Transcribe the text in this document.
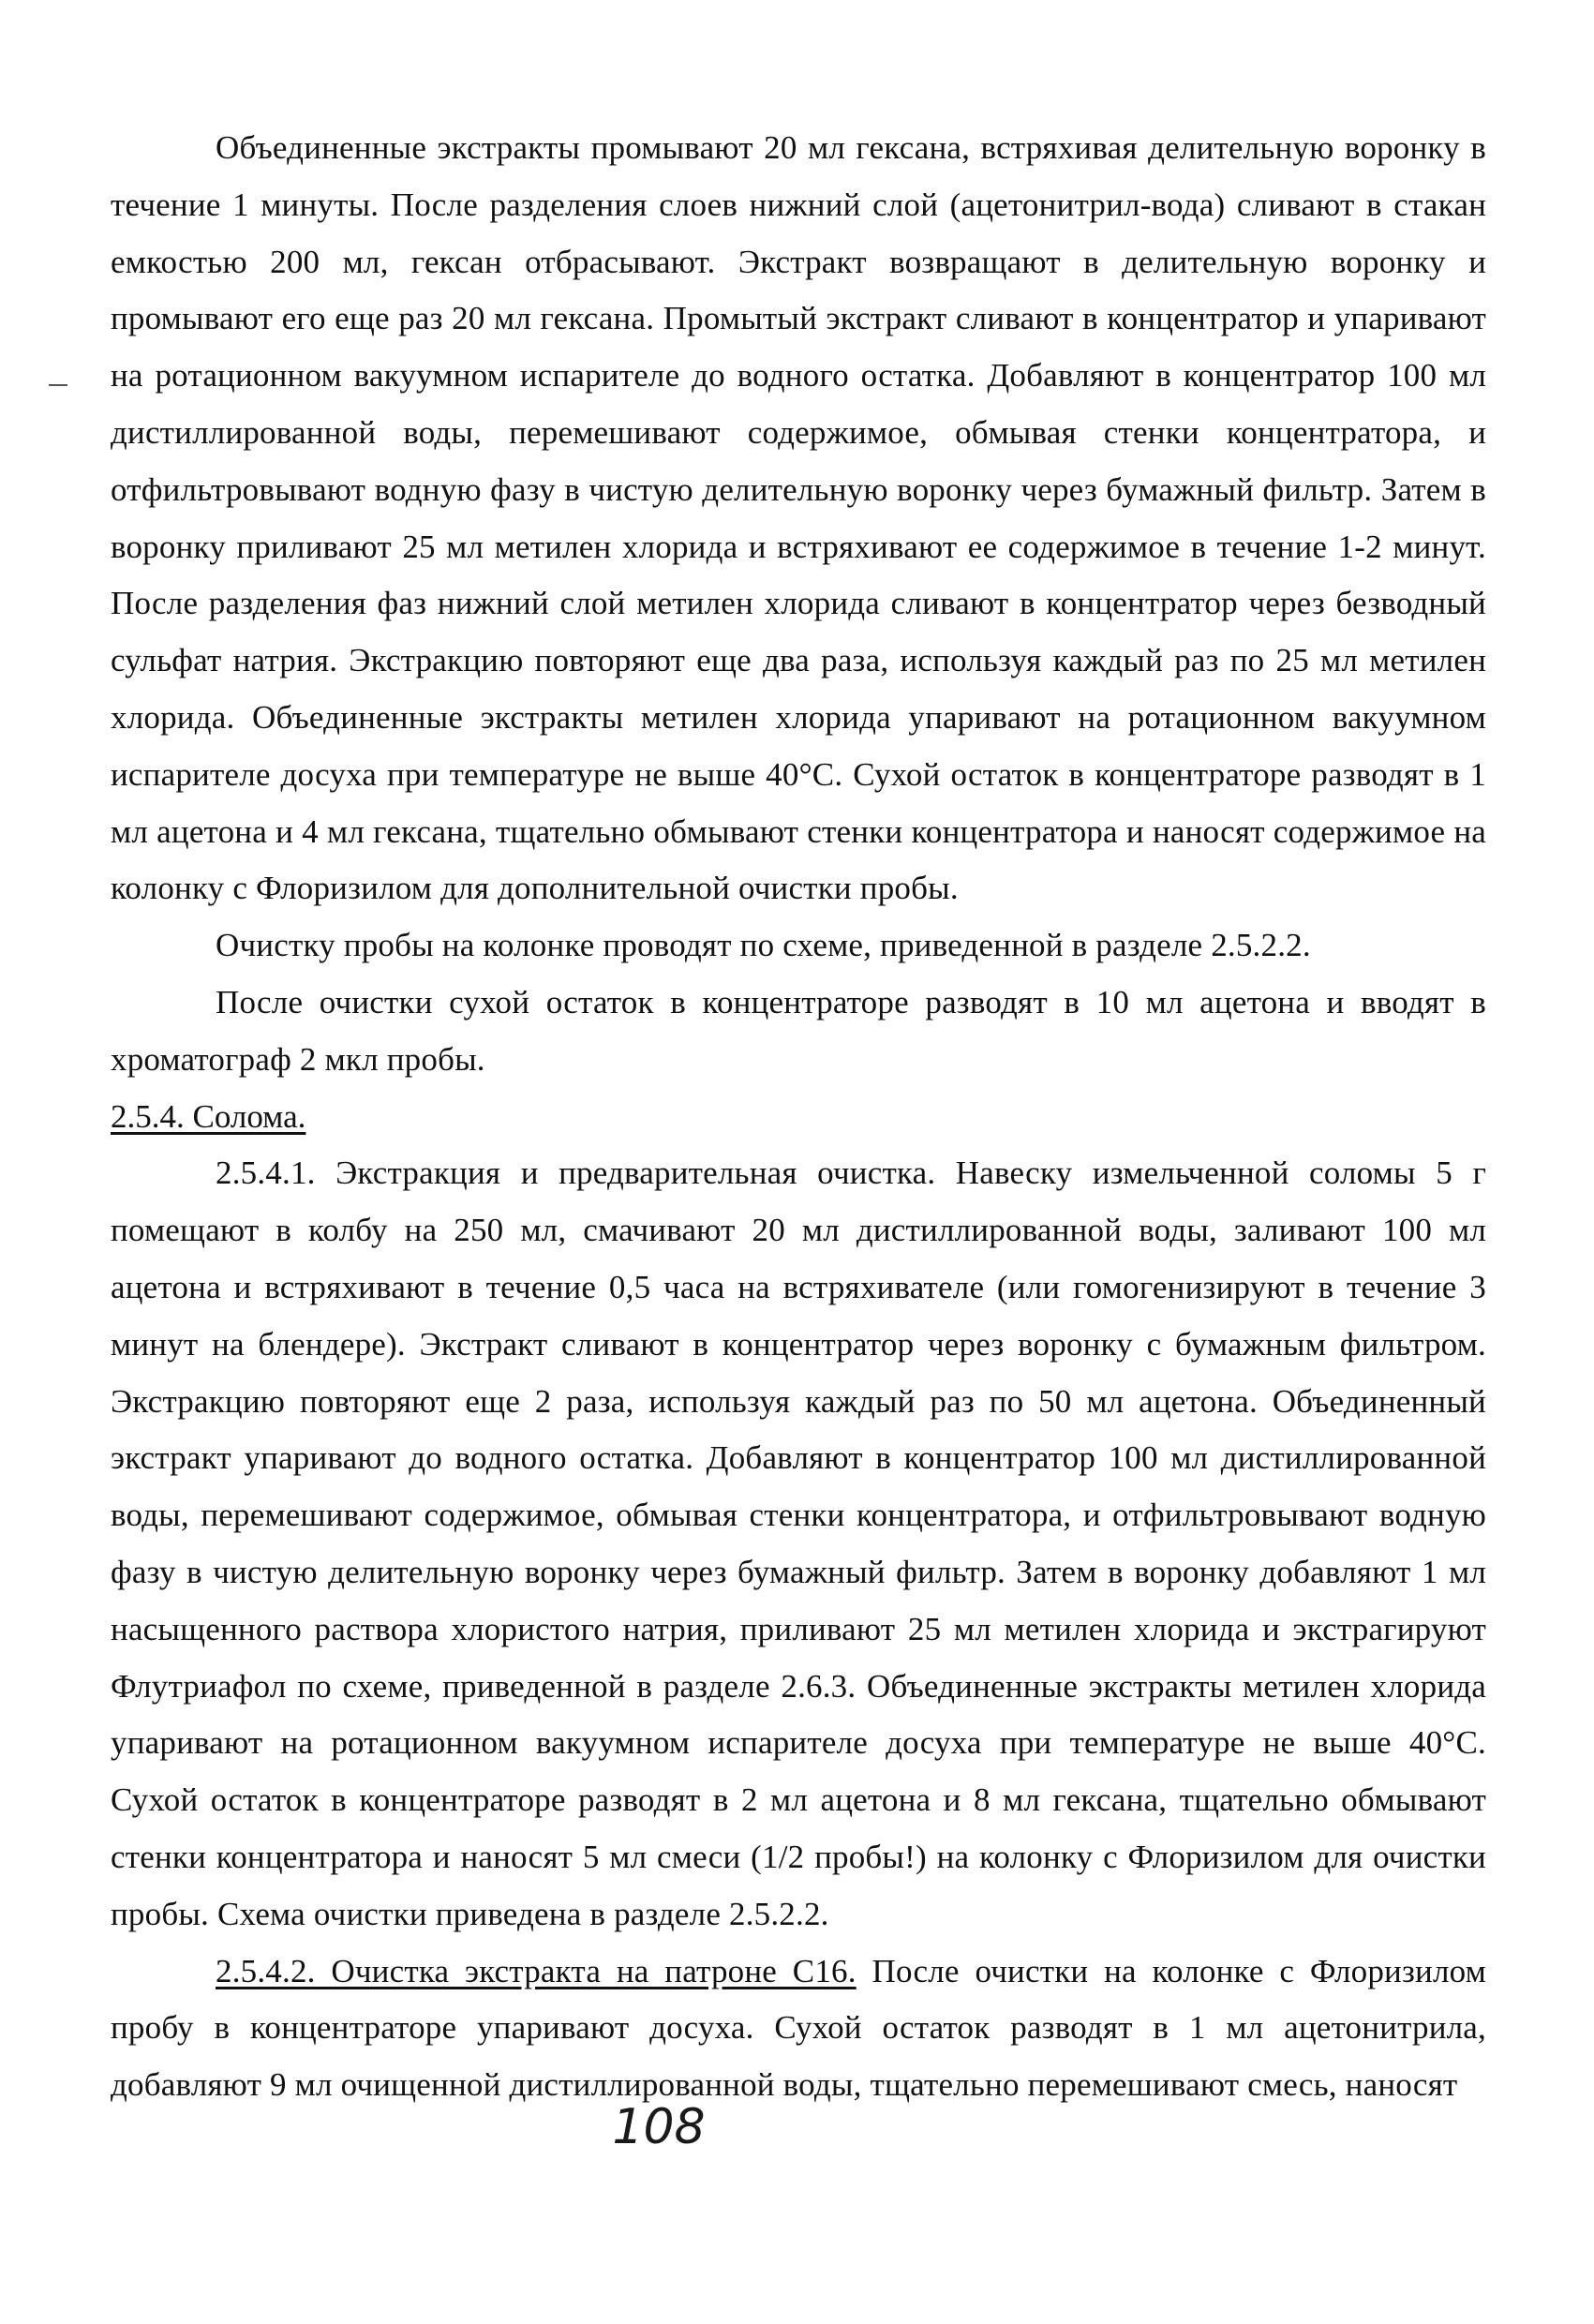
Объединенные экстракты промывают 20 мл гексана, встряхивая делительную воронку в течение 1 минуты. После разделения слоев нижний слой (ацетонитрил-вода) сливают в стакан емкостью 200 мл, гексан отбрасывают. Экстракт возвращают в делительную воронку и промывают его еще раз 20 мл гексана. Промытый экстракт сливают в концентратор и упаривают на ротационном вакуумном испарителе до водного остатка. Добавляют в концентратор 100 мл дистиллированной воды, перемешивают содержимое, обмывая стенки концентратора, и отфильтровывают водную фазу в чистую делительную воронку через бумажный фильтр. Затем в воронку приливают 25 мл метилен хлорида и встряхивают ее содержимое в течение 1-2 минут. После разделения фаз нижний слой метилен хлорида сливают в концентратор через безводный сульфат натрия. Экстракцию повторяют еще два раза, используя каждый раз по 25 мл метилен хлорида. Объединенные экстракты метилен хлорида упаривают на ротационном вакуумном испарителе досуха при температуре не выше 40°С. Сухой остаток в концентраторе разводят в 1 мл ацетона и 4 мл гексана, тщательно обмывают стенки концентратора и наносят содержимое на колонку с Флоризилом для дополнительной очистки пробы.

Очистку пробы на колонке проводят по схеме, приведенной в разделе 2.5.2.2.

После очистки сухой остаток в концентраторе разводят в 10 мл ацетона и вводят в хроматограф 2 мкл пробы.

2.5.4. Солома.

2.5.4.1. Экстракция и предварительная очистка. Навеску измельченной соломы 5 г помещают в колбу на 250 мл, смачивают 20 мл дистиллированной воды, заливают 100 мл ацетона и встряхивают в течение 0,5 часа на встряхивателе (или гомогенизируют в течение 3 минут на блендере). Экстракт сливают в концентратор через воронку с бумажным фильтром. Экстракцию повторяют еще 2 раза, используя каждый раз по 50 мл ацетона. Объединенный экстракт упаривают до водного остатка. Добавляют в концентратор 100 мл дистиллированной воды, перемешивают содержимое, обмывая стенки концентратора, и отфильтровывают водную фазу в чистую делительную воронку через бумажный фильтр. Затем в воронку добавляют 1 мл насыщенного раствора хлористого натрия, приливают 25 мл метилен хлорида и экстрагируют Флутриафол по схеме, приведенной в разделе 2.6.3. Объединенные экстракты метилен хлорида упаривают на ротационном вакуумном испарителе досуха при температуре не выше 40°С. Сухой остаток в концентраторе разводят в 2 мл ацетона и 8 мл гексана, тщательно обмывают стенки концентратора и наносят 5 мл смеси (1/2 пробы!) на колонку с Флоризилом для очистки пробы. Схема очистки приведена в разделе 2.5.2.2.

2.5.4.2. Очистка экстракта на патроне С16. После очистки на колонке с Флоризилом пробу в концентраторе упаривают досуха. Сухой остаток разводят в 1 мл ацетонитрила, добавляют 9 мл очищенной дистиллированной воды, тщательно перемешивают смесь, наносят

108
